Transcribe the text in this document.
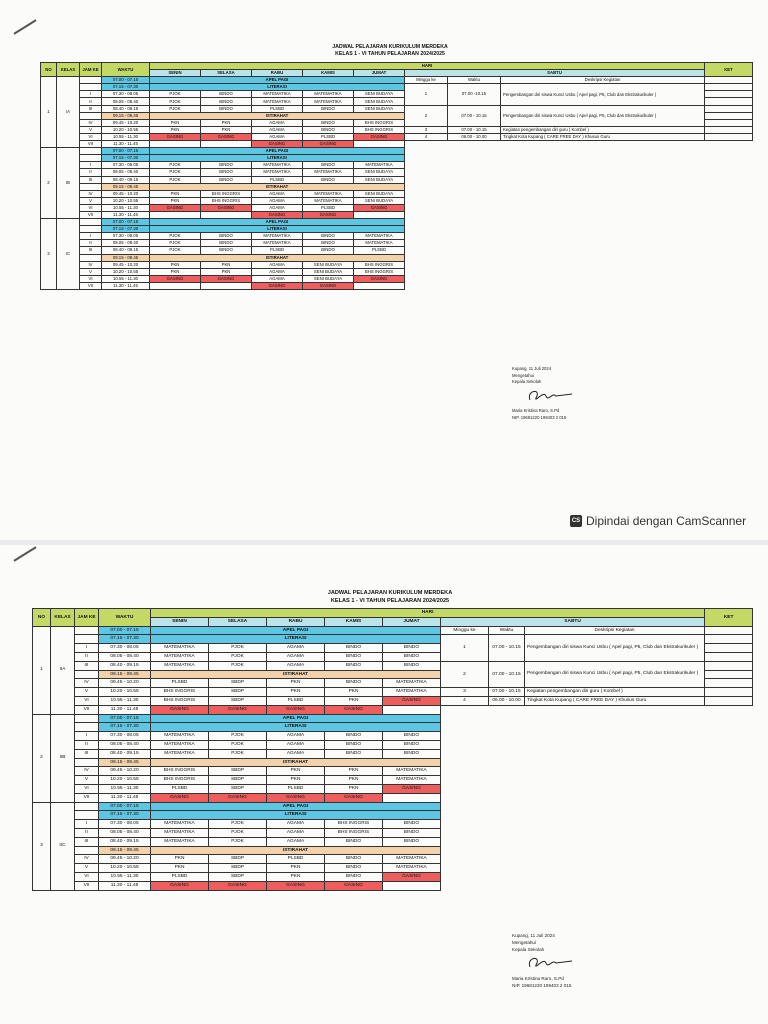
JADWAL PELAJARAN KURIKULUM MERDEKA
KELAS 1 - VI TAHUN PELAJARAN 2024/2025
NO	KELAS	JAM KE	WAKTU	HARI								KET
				SENIN	SELASA	RABU	KAMIS	JUMAT	SABTU			
1	IA		07.00 - 07.15	APEL PAGI					Minggu ke	Waktu	Deskripsi Kegiatan	
			07.15 - 07.30	LITERASI					1	07.00 -10.15	Pengembangan diri siswa Kunci Usbu ( Apel pagi, P5, Club dan Ekstrakurikuler )	
		I	07.30 - 08.05	PJOK	BINDO	MATEMATIKA	MATEMATIKA	SENI BUDAYA				
		II	08.05 - 08.40	PJOK	BINDO	MATEMATIKA	MATEMATIKA	SENI BUDAYA				
		III	08.40 - 09.15	PJOK	BINDO	PLSBD	BINDO	SENI BUDAYA	2	07.00 - 10.15	Pengembangan diri siswa Kunci Usbu ( Apel pagi, P5, Club dan Ekstrakurikuler )	
			09.15 - 09.45	ISTIRAHAT								
		IV	09.45 - 10.20	PKN	PKN	AGAMA	BINDO	BHS INGGRIS				
		V	10.20 - 10.55	PKN	PKN	AGAMA	BINDO	BHS INGGRIS	3	07.00 - 10.15	Kegiatan pengembangan diri guru ( Kombel )	
		VI	10.55 - 11.30	GASING	GASING	AGAMA	PLSBD	GASING	4	06.00 - 10.00	Tingkat Kota Kupang ( CARE FREE DAY ) Khusus Guru	
		VII	11.30 - 11.45			GASING	GASING					
2	IB		07.00 - 07.15	APEL PAGI								
			07.15 - 07.30	LITERASI								
		I	07.30 - 08.05	PJOK	BINDO	MATEMATIKA	BINDO	MATEMATIKA				
		II	08.05 - 08.40	PJOK	BINDO	MATEMATIKA	MATEMATIKA	SENI BUDAYA				
		III	08.40 - 09.15	PJOK	BINDO	PLSBD	BINDO	SENI BUDAYA				
			09.15 - 09.45	ISTIRAHAT								
		IV	09.45 - 10.20	PKN	BHS INGGRIS	AGAMA	MATEMATIKA	SENI BUDAYA				
		V	10.20 - 10.55	PKN	BHS INGGRIS	AGAMA	MATEMATIKA	SENI BUDAYA				
		VI	10.55 - 11.30	GASING	GASING	AGAMA	PLSBD	GASING				
		VII	11.30 - 11.45			GASING	GASING					
3	IC		07.00 - 07.15	APEL PAGI								
			07.15 - 07.30	LITERASI								
		I	07.30 - 08.05	PJOK	BINDO	MATEMATIKA	BINDO	MATEMATIKA				
		II	08.05 - 08.40	PJOK	BINDO	MATEMATIKA	BINDO	MATEMATIKA				
		III	08.40 - 09.15	PJOK	BINDO	PLSBD	BINDO	PLSBD				
			09.15 - 09.45	ISTIRAHAT								
		IV	09.45 - 10.20	PKN	PKN	AGAMA	SENI BUDAYA	BHS INGGRIS				
		V	10.20 - 10.55	PKN	PKN	AGAMA	SENI BUDAYA	BHS INGGRIS				
		VI	10.55 - 11.30	GASING	GASING	AGAMA	SENI BUDAYA	GASING				
		VII	11.30 - 11.45			GASING	GASING					
Kupang, 11 Juli 2024
Mengetahui
Kepala Sekolah
Maria Kristina Raro, S.Pd
NIP. 19681220 199403 2 015
CS Dipindai dengan CamScanner
JADWAL PELAJARAN KURIKULUM MERDEKA
KELAS 1 - VI TAHUN PELAJARAN 2024/2025
NO	KELAS	JAM KE	WAKTU	HARI								KET
				SENIN	SELASA	RABU	KAMIS	JUMAT	SABTU			
1	IIA		07.00 - 07.15	APEL PAGI					Minggu ke	Waktu	Deskripsi Kegiatan	
			07.15 - 07.30	LITERASI					1	07.00 - 10.15	Pengembangan diri siswa Kunci Usbu ( Apel pagi, P5, Club dan Ekstrakurikuler )	
		I	07.30 - 08.05	MATEMATIKA	PJOK	AGAMA	BINDO	BINDO				
		II	08.05 - 08.40	MATEMATIKA	PJOK	AGAMA	BINDO	BINDO				
		III	08.40 - 09.15	MATEMATIKA	PJOK	AGAMA	BINDO	BINDO	2	07.00 - 10.15	Pengembangan diri siswa Kunci Usbu ( Apel pagi, P5, Club dan Ekstrakurikuler )	
			09.15 - 09.45	ISTIRAHAT								
		IV	09.45 - 10.20	PLSBD	SBDP	PKN	BINDO	MATEMATIKA				
		V	10.20 - 10.55	BHS INGGRIS	SBDP	PKN	PKN	MATEMATIKA	3	07.00 - 10.15	Kegiatan pengembangan diri guru ( Kombel )	
		VI	10.55 - 11.30	BHS INGGRIS	SBDP	PLSBD	PKN	GASING	4	06.00 - 10.00	Tingkat Kota Kupang ( CARE FREE DAY ) Khusus Guru	
		VII	11.30 - 11.45	GASING	GASING	GASING	GASING					
2	IIB		07.00 - 07.15	APEL PAGI								
			07.15 - 07.30	LITERASI								
		I	07.30 - 08.05	MATEMATIKA	PJOK	AGAMA	BINDO	BINDO				
		II	08.05 - 08.40	MATEMATIKA	PJOK	AGAMA	BINDO	BINDO				
		III	08.40 - 09.15	MATEMATIKA	PJOK	AGAMA	BINDO	BINDO				
			09.15 - 09.45	ISTIRAHAT								
		IV	09.45 - 10.20	BHS INGGRIS	SBDP	PKN	PKN	MATEMATIKA				
		V	10.20 - 10.55	BHS INGGRIS	SBDP	PKN	PKN	MATEMATIKA				
		VI	10.55 - 11.30	PLSBD	SBDP	PLSBD	PKN	GASING				
		VII	11.30 - 11.45	GASING	GASING	GASING	GASING					
3	IIC		07.00 - 07.15	APEL PAGI								
			07.15 - 07.30	LITERASI								
		I	07.30 - 08.05	MATEMATIKA	PJOK	AGAMA	BHS INGGRIS	BINDO				
		II	08.05 - 08.40	MATEMATIKA	PJOK	AGAMA	BHS INGGRIS	BINDO				
		III	08.40 - 09.15	MATEMATIKA	PJOK	AGAMA	BINDO	BINDO				
			09.15 - 09.45	ISTIRAHAT								
		IV	09.45 - 10.20	PKN	SBDP	PLSBD	BINDO	MATEMATIKA				
		V	10.20 - 10.55	PKN	SBDP	PKN	BINDO	MATEMATIKA				
		VI	10.55 - 11.30	PLSBD	SBDP	PKN	BINDO	GASING				
		VII	11.30 - 11.45	GASING	GASING	GASING	GASING					
Kupang, 11 Juli 2024
Mengetahui
Kepala Sekolah
Maria Kristina Raro, S.Pd
NIP. 19681220 199403 2 015
